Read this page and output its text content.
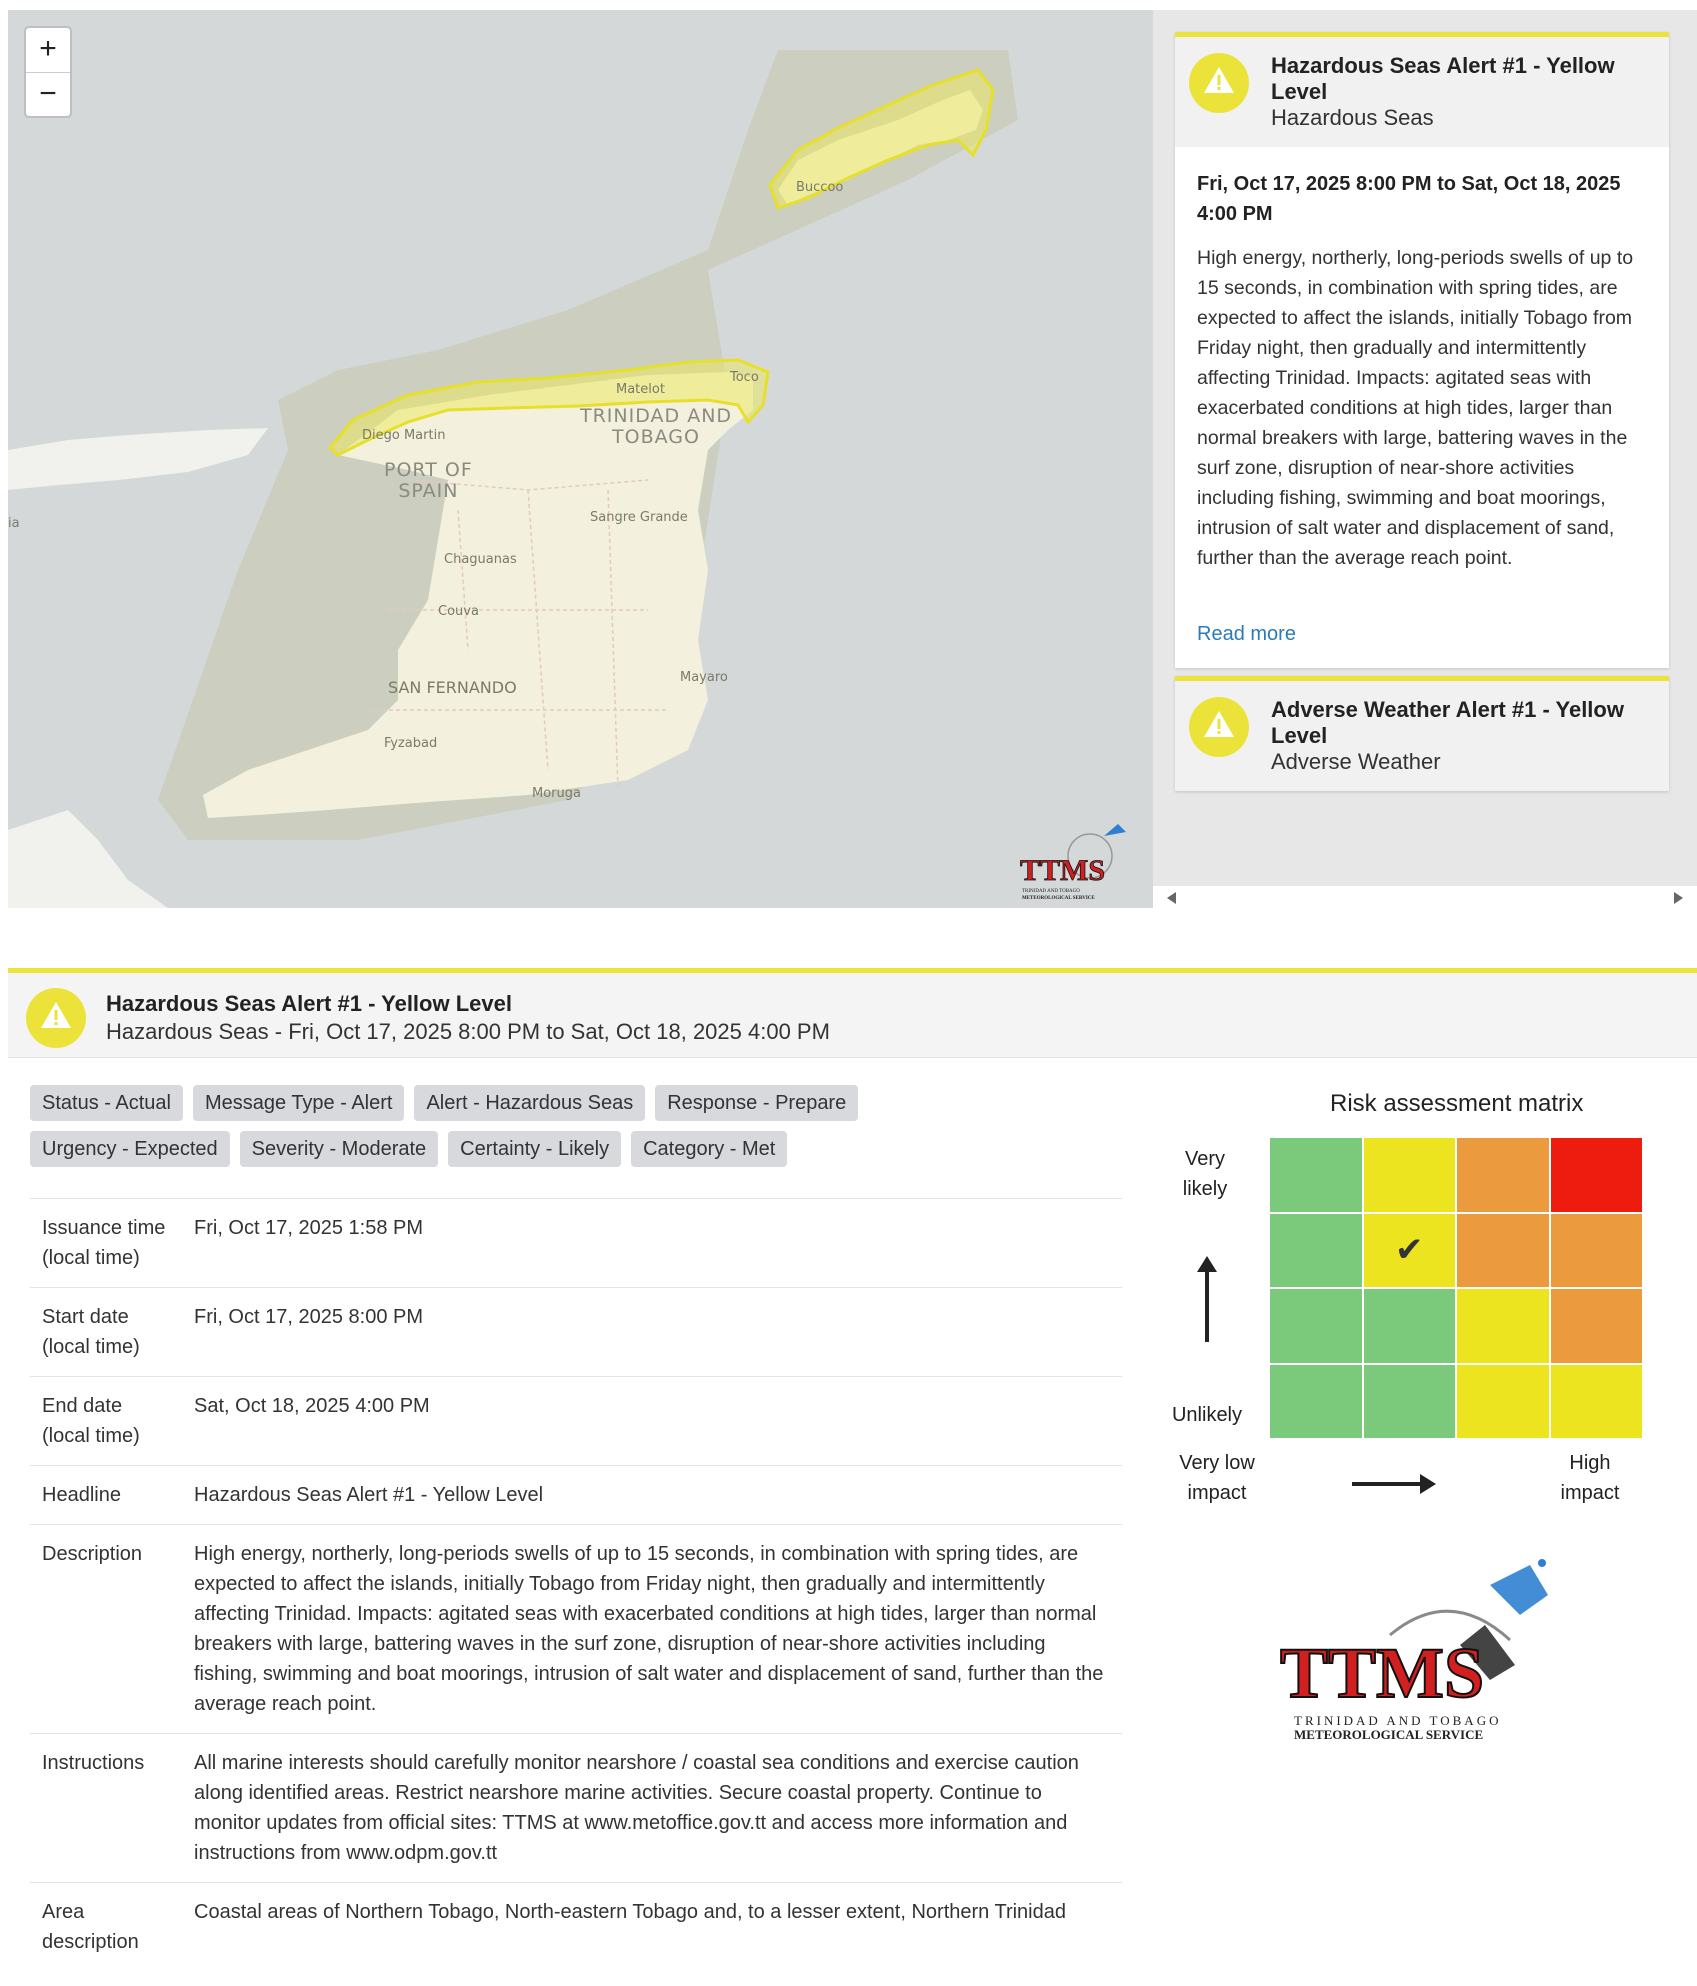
+
−
Buccoo
Toco
Matelot
TRINIDAD AND
TOBAGO
Diego Martin
PORT OF
SPAIN
Sangre Grande
Chaguanas
Couva
SAN FERNANDO
Mayaro
Fyzabad
Moruga
ia
TTMS
TRINIDAD AND TOBAGO
METEOROLOGICAL SERVICE
Hazardous Seas Alert #1 - Yellow Level
Hazardous Seas
Fri, Oct 17, 2025 8:00 PM to Sat, Oct 18, 2025 4:00 PM
High energy, northerly, long-periods swells of up to 15 seconds, in combination with spring tides, are expected to affect the islands, initially Tobago from Friday night, then gradually and intermittently affecting Trinidad. Impacts: agitated seas with exacerbated conditions at high tides, larger than normal breakers with large, battering waves in the surf zone, disruption of near-shore activities including fishing, swimming and boat moorings, intrusion of salt water and displacement of sand, further than the average reach point.
Read more
Adverse Weather Alert #1 - Yellow Level
Adverse Weather
Hazardous Seas Alert #1 - Yellow Level
Hazardous Seas - Fri, Oct 17, 2025 8:00 PM to Sat, Oct 18, 2025 4:00 PM
Status - Actual	Message Type - Alert	Alert - Hazardous Seas	Response - Prepare
Urgency - Expected	Severity - Moderate	Certainty - Likely	Category - Met
Issuance time
(local time)	Fri, Oct 17, 2025 1:58 PM

Start date
(local time)	Fri, Oct 17, 2025 8:00 PM

End date
(local time)	Sat, Oct 18, 2025 4:00 PM

Headline	Hazardous Seas Alert #1 - Yellow Level

Description	High energy, northerly, long-periods swells of up to 15 seconds, in combination with spring tides, are expected to affect the islands, initially Tobago from Friday night, then gradually and intermittently affecting Trinidad. Impacts: agitated seas with exacerbated conditions at high tides, larger than normal breakers with large, battering waves in the surf zone, disruption of near-shore activities including fishing, swimming and boat moorings, intrusion of salt water and displacement of sand, further than the average reach point.

Instructions	All marine interests should carefully monitor nearshore / coastal sea conditions and exercise caution along identified areas. Restrict nearshore marine activities. Secure coastal property. Continue to monitor updates from official sites: TTMS at www.metoffice.gov.tt and access more information and instructions from www.odpm.gov.tt

Area
description	Coastal areas of Northern Tobago, North-eastern Tobago and, to a lesser extent, Northern Trinidad
Risk assessment matrix
Very
likely
Unlikely
✔
Very low
impact
High
impact
TTMS
TRINIDAD AND TOBAGO
METEOROLOGICAL SERVICE
